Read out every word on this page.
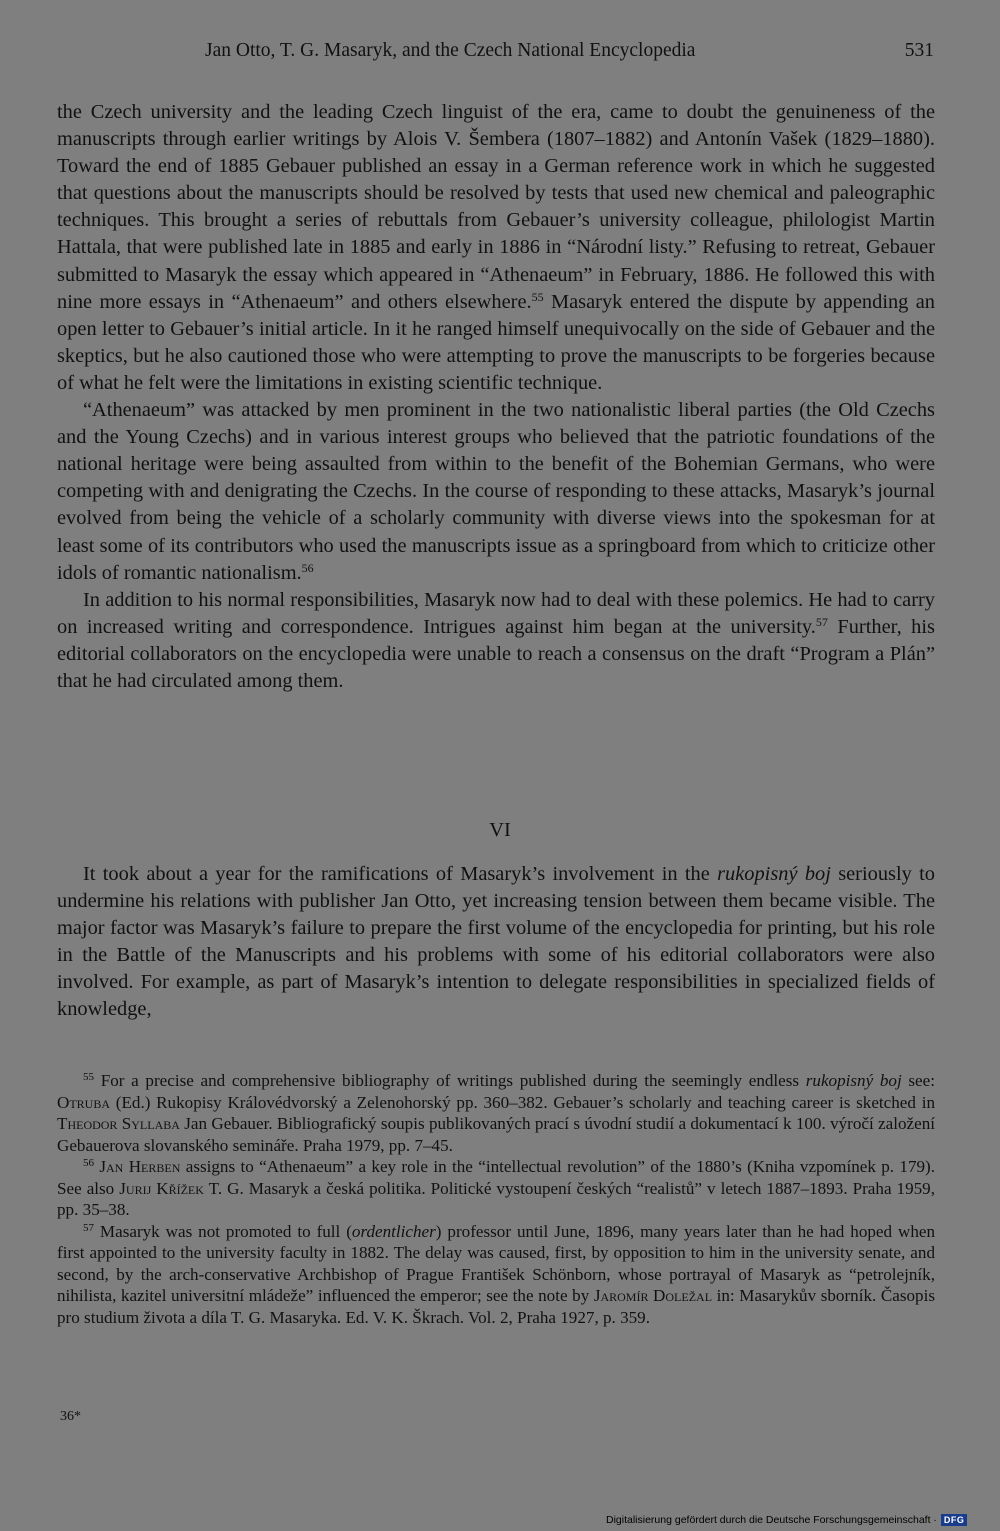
Jan Otto, T. G. Masaryk, and the Czech National Encyclopedia	531

the Czech university and the leading Czech linguist of the era, came to doubt the genuineness of the manuscripts through earlier writings by Alois V. Šembera (1807–1882) and Antonín Vašek (1829–1880). Toward the end of 1885 Gebauer published an essay in a German reference work in which he suggested that questions about the manuscripts should be resolved by tests that used new chemical and paleographic techniques. This brought a series of rebuttals from Gebauer’s university colleague, philologist Martin Hattala, that were published late in 1885 and early in 1886 in “Národní listy.” Refusing to retreat, Gebauer submitted to Masaryk the essay which appeared in “Athenaeum” in February, 1886. He followed this with nine more essays in “Athenaeum” and others elsewhere.$^{55}$ Masaryk entered the dispute by appending an open letter to Gebauer’s initial article. In it he ranged himself unequivocally on the side of Gebauer and the skeptics, but he also cautioned those who were attempting to prove the manuscripts to be forgeries because of what he felt were the limitations in existing scientific technique.

“Athenaeum” was attacked by men prominent in the two nationalistic liberal parties (the Old Czechs and the Young Czechs) and in various interest groups who believed that the patriotic foundations of the national heritage were being assaulted from within to the benefit of the Bohemian Germans, who were competing with and denigrating the Czechs. In the course of responding to these attacks, Masaryk’s journal evolved from being the vehicle of a scholarly community with diverse views into the spokesman for at least some of its contributors who used the manuscripts issue as a springboard from which to criticize other idols of romantic nationalism.$^{56}$

In addition to his normal responsibilities, Masaryk now had to deal with these polemics. He had to carry on increased writing and correspondence. Intrigues against him began at the university.$^{57}$ Further, his editorial collaborators on the encyclopedia were unable to reach a consensus on the draft “Program a Plán” that he had circulated among them.

VI

It took about a year for the ramifications of Masaryk’s involvement in the rukopisný boj seriously to undermine his relations with publisher Jan Otto, yet increasing tension between them became visible. The major factor was Masaryk’s failure to prepare the first volume of the encyclopedia for printing, but his role in the Battle of the Manuscripts and his problems with some of his editorial collaborators were also involved. For example, as part of Masaryk’s intention to delegate responsibilities in specialized fields of knowledge,

$^{55}$ For a precise and comprehensive bibliography of writings published during the seemingly endless rukopisný boj see: Otruba (Ed.) Rukopisy Královédvorský a Zelenohorský pp. 360–382. Gebauer’s scholarly and teaching career is sketched in Theodor Syllaba Jan Gebauer. Bibliografický soupis publikovaných prací s úvodní studií a dokumentací k 100. výročí založení Gebauerova slovanského semináře. Praha 1979, pp. 7–45.

$^{56}$ Jan Herben assigns to “Athenaeum” a key role in the “intellectual revolution” of the 1880’s (Kniha vzpomínek p. 179). See also Jurij Křížek T. G. Masaryk a česká politika. Politické vystoupení českých “realistů” v letech 1887–1893. Praha 1959, pp. 35–38.

$^{57}$ Masaryk was not promoted to full (ordentlicher) professor until June, 1896, many years later than he had hoped when first appointed to the university faculty in 1882. The delay was caused, first, by opposition to him in the university senate, and second, by the arch-conservative Archbishop of Prague František Schönborn, whose portrayal of Masaryk as “petrolejník, nihilista, kazitel universitní mládeže” influenced the emperor; see the note by Jaromír Doležal in: Masarykův sborník. Časopis pro studium života a díla T. G. Masaryka. Ed. V. K. Škrach. Vol. 2, Praha 1927, p. 359.

36*
Digitalisierung gefördert durch die Deutsche Forschungsgemeinschaft · DFG
